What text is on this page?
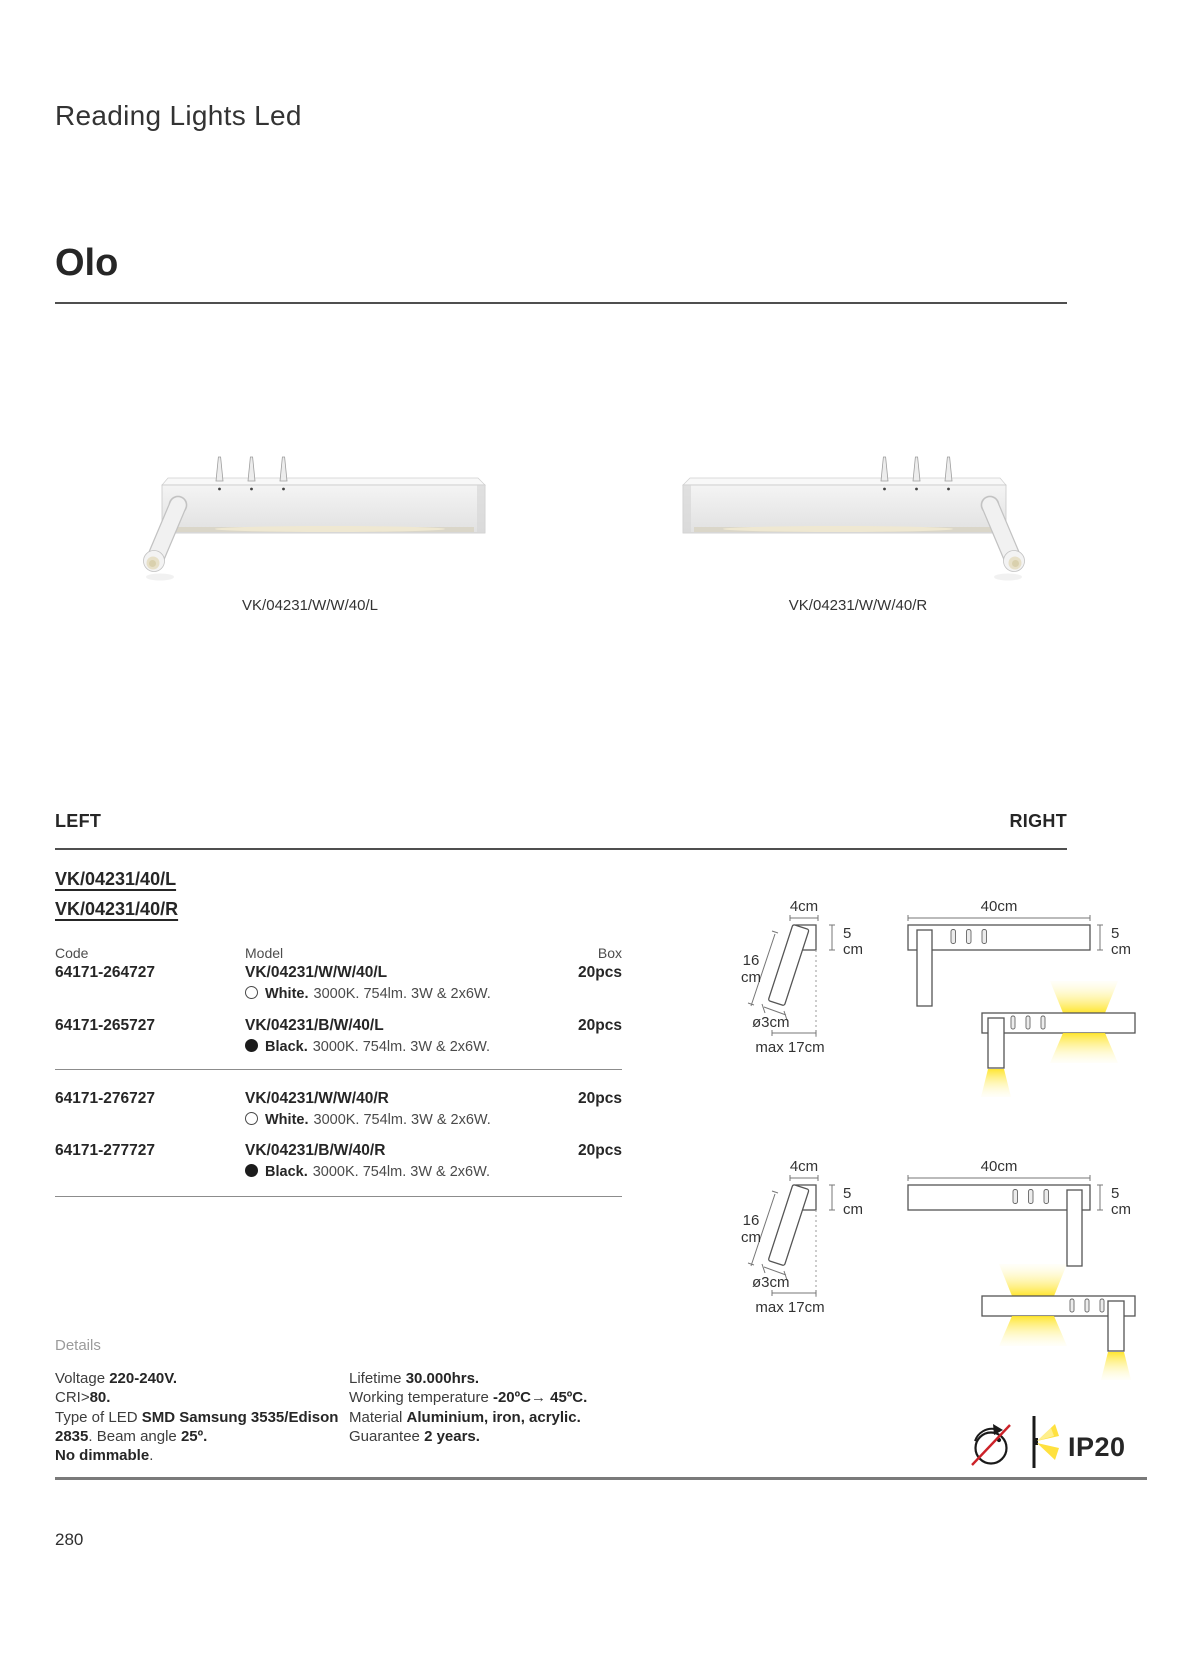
Reading Lights Led
Olo
VK/04231/W/W/40/L	VK/04231/W/W/40/R
LEFT	RIGHT
VK/04231/40/L
VK/04231/40/R
Code	Model	Box
64171-264727	VK/04231/W/W/40/L	20pcs
White. 3000K. 754lm. 3W & 2x6W.
64171-265727	VK/04231/B/W/40/L	20pcs
Black. 3000K. 754lm. 3W & 2x6W.
64171-276727	VK/04231/W/W/40/R	20pcs
White. 3000K. 754lm. 3W & 2x6W.
64171-277727	VK/04231/B/W/40/R	20pcs
Black. 3000K. 754lm. 3W & 2x6W.
4cm
5
cm
16
cm
ø3cm
max 17cm
40cm
5
cm
4cm
5
cm
16
cm
ø3cm
max 17cm
40cm
5
cm
Details

Voltage 220-240V.

CRI>80.

Type of LED SMD Samsung 3535/Edison 2835. Beam angle 25º.

No dimmable.

Lifetime 30.000hrs.

Working temperature -20ºC→ 45ºC.

Material Aluminium, iron, acrylic.

Guarantee 2 years.	IP20
280
